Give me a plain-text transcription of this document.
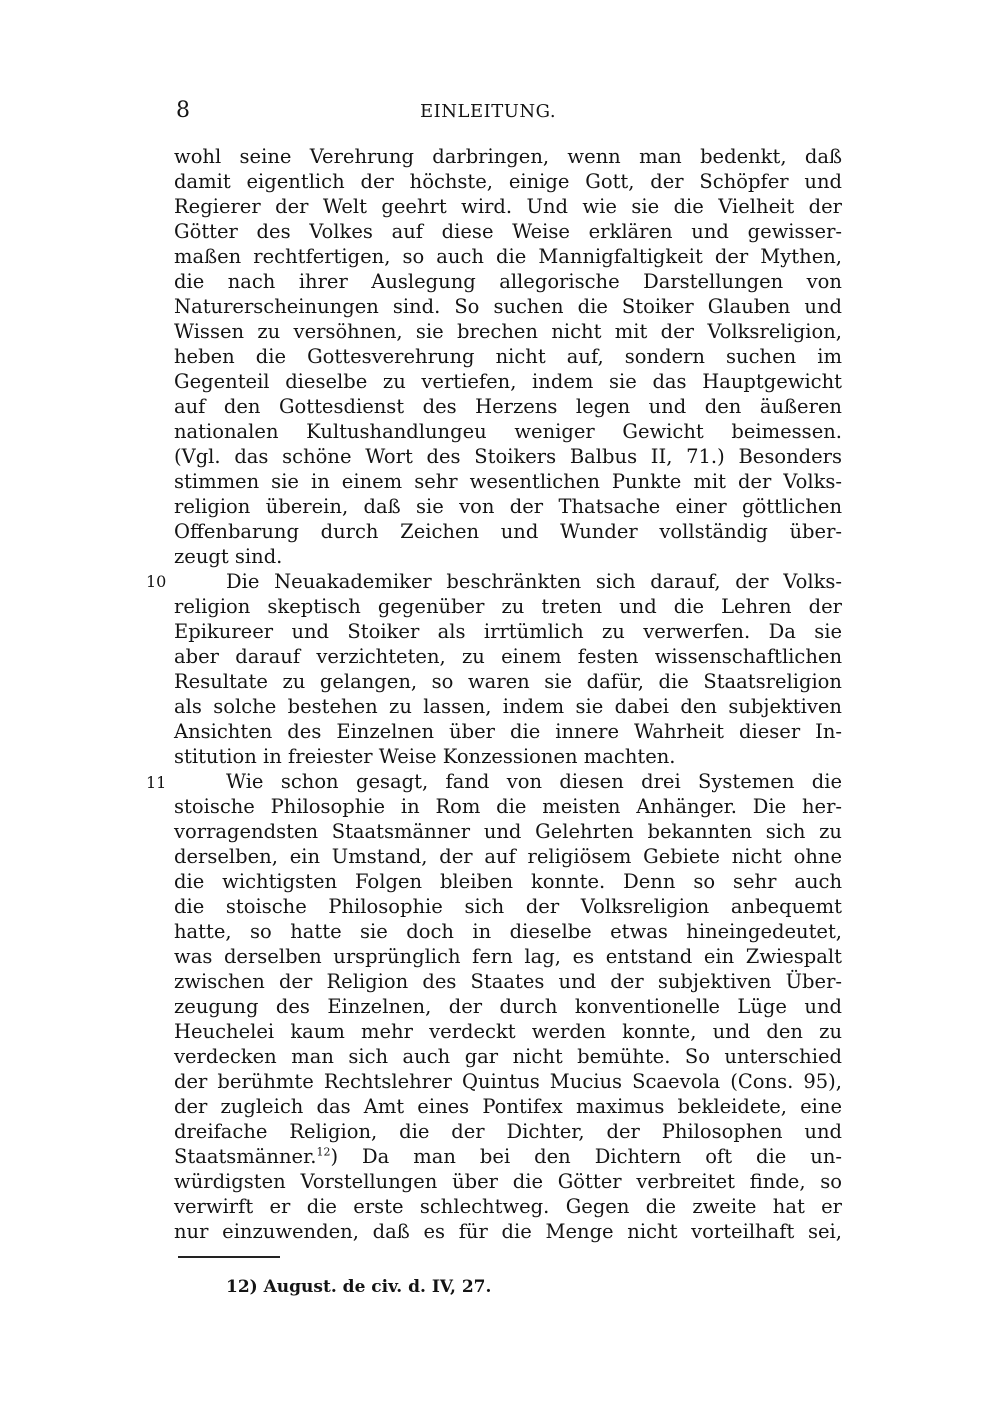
8	EINLEITUNG.
10
11
wohl seine Verehrung darbringen, wenn man bedenkt, daß
damit eigentlich der höchste, einige Gott, der Schöpfer und
Regierer der Welt geehrt wird. Und wie sie die Vielheit der
Götter des Volkes auf diese Weise erklären und gewisser-
maßen rechtfertigen, so auch die Mannigfaltigkeit der Mythen,
die nach ihrer Auslegung allegorische Darstellungen von
Naturerscheinungen sind. So suchen die Stoiker Glauben und
Wissen zu versöhnen, sie brechen nicht mit der Volksreligion,
heben die Gottesverehrung nicht auf, sondern suchen im
Gegenteil dieselbe zu vertiefen, indem sie das Hauptgewicht
auf den Gottesdienst des Herzens legen und den äußeren
nationalen Kultushandlungeu weniger Gewicht beimessen.
(Vgl. das schöne Wort des Stoikers Balbus II, 71.) Besonders
stimmen sie in einem sehr wesentlichen Punkte mit der Volks-
religion überein, daß sie von der Thatsache einer göttlichen
Offenbarung durch Zeichen und Wunder vollständig über-
zeugt sind.
Die Neuakademiker beschränkten sich darauf, der Volks-
religion skeptisch gegenüber zu treten und die Lehren der
Epikureer und Stoiker als irrtümlich zu verwerfen. Da sie
aber darauf verzichteten, zu einem festen wissenschaftlichen
Resultate zu gelangen, so waren sie dafür, die Staatsreligion
als solche bestehen zu lassen, indem sie dabei den subjektiven
Ansichten des Einzelnen über die innere Wahrheit dieser In-
stitution in freiester Weise Konzessionen machten.
Wie schon gesagt, fand von diesen drei Systemen die
stoische Philosophie in Rom die meisten Anhänger. Die her-
vorragendsten Staatsmänner und Gelehrten bekannten sich zu
derselben, ein Umstand, der auf religiösem Gebiete nicht ohne
die wichtigsten Folgen bleiben konnte. Denn so sehr auch
die stoische Philosophie sich der Volksreligion anbequemt
hatte, so hatte sie doch in dieselbe etwas hineingedeutet,
was derselben ursprünglich fern lag, es entstand ein Zwiespalt
zwischen der Religion des Staates und der subjektiven Über-
zeugung des Einzelnen, der durch konventionelle Lüge und
Heuchelei kaum mehr verdeckt werden konnte, und den zu
verdecken man sich auch gar nicht bemühte. So unterschied
der berühmte Rechtslehrer Quintus Mucius Scaevola (Cons. 95),
der zugleich das Amt eines Pontifex maximus bekleidete, eine
dreifache Religion, die der Dichter, der Philosophen und
Staatsmänner.$^{12}$) Da man bei den Dichtern oft die un-
würdigsten Vorstellungen über die Götter verbreitet finde, so
verwirft er die erste schlechtweg. Gegen die zweite hat er
nur einzuwenden, daß es für die Menge nicht vorteilhaft sei,
12) August. de civ. d. IV, 27.
